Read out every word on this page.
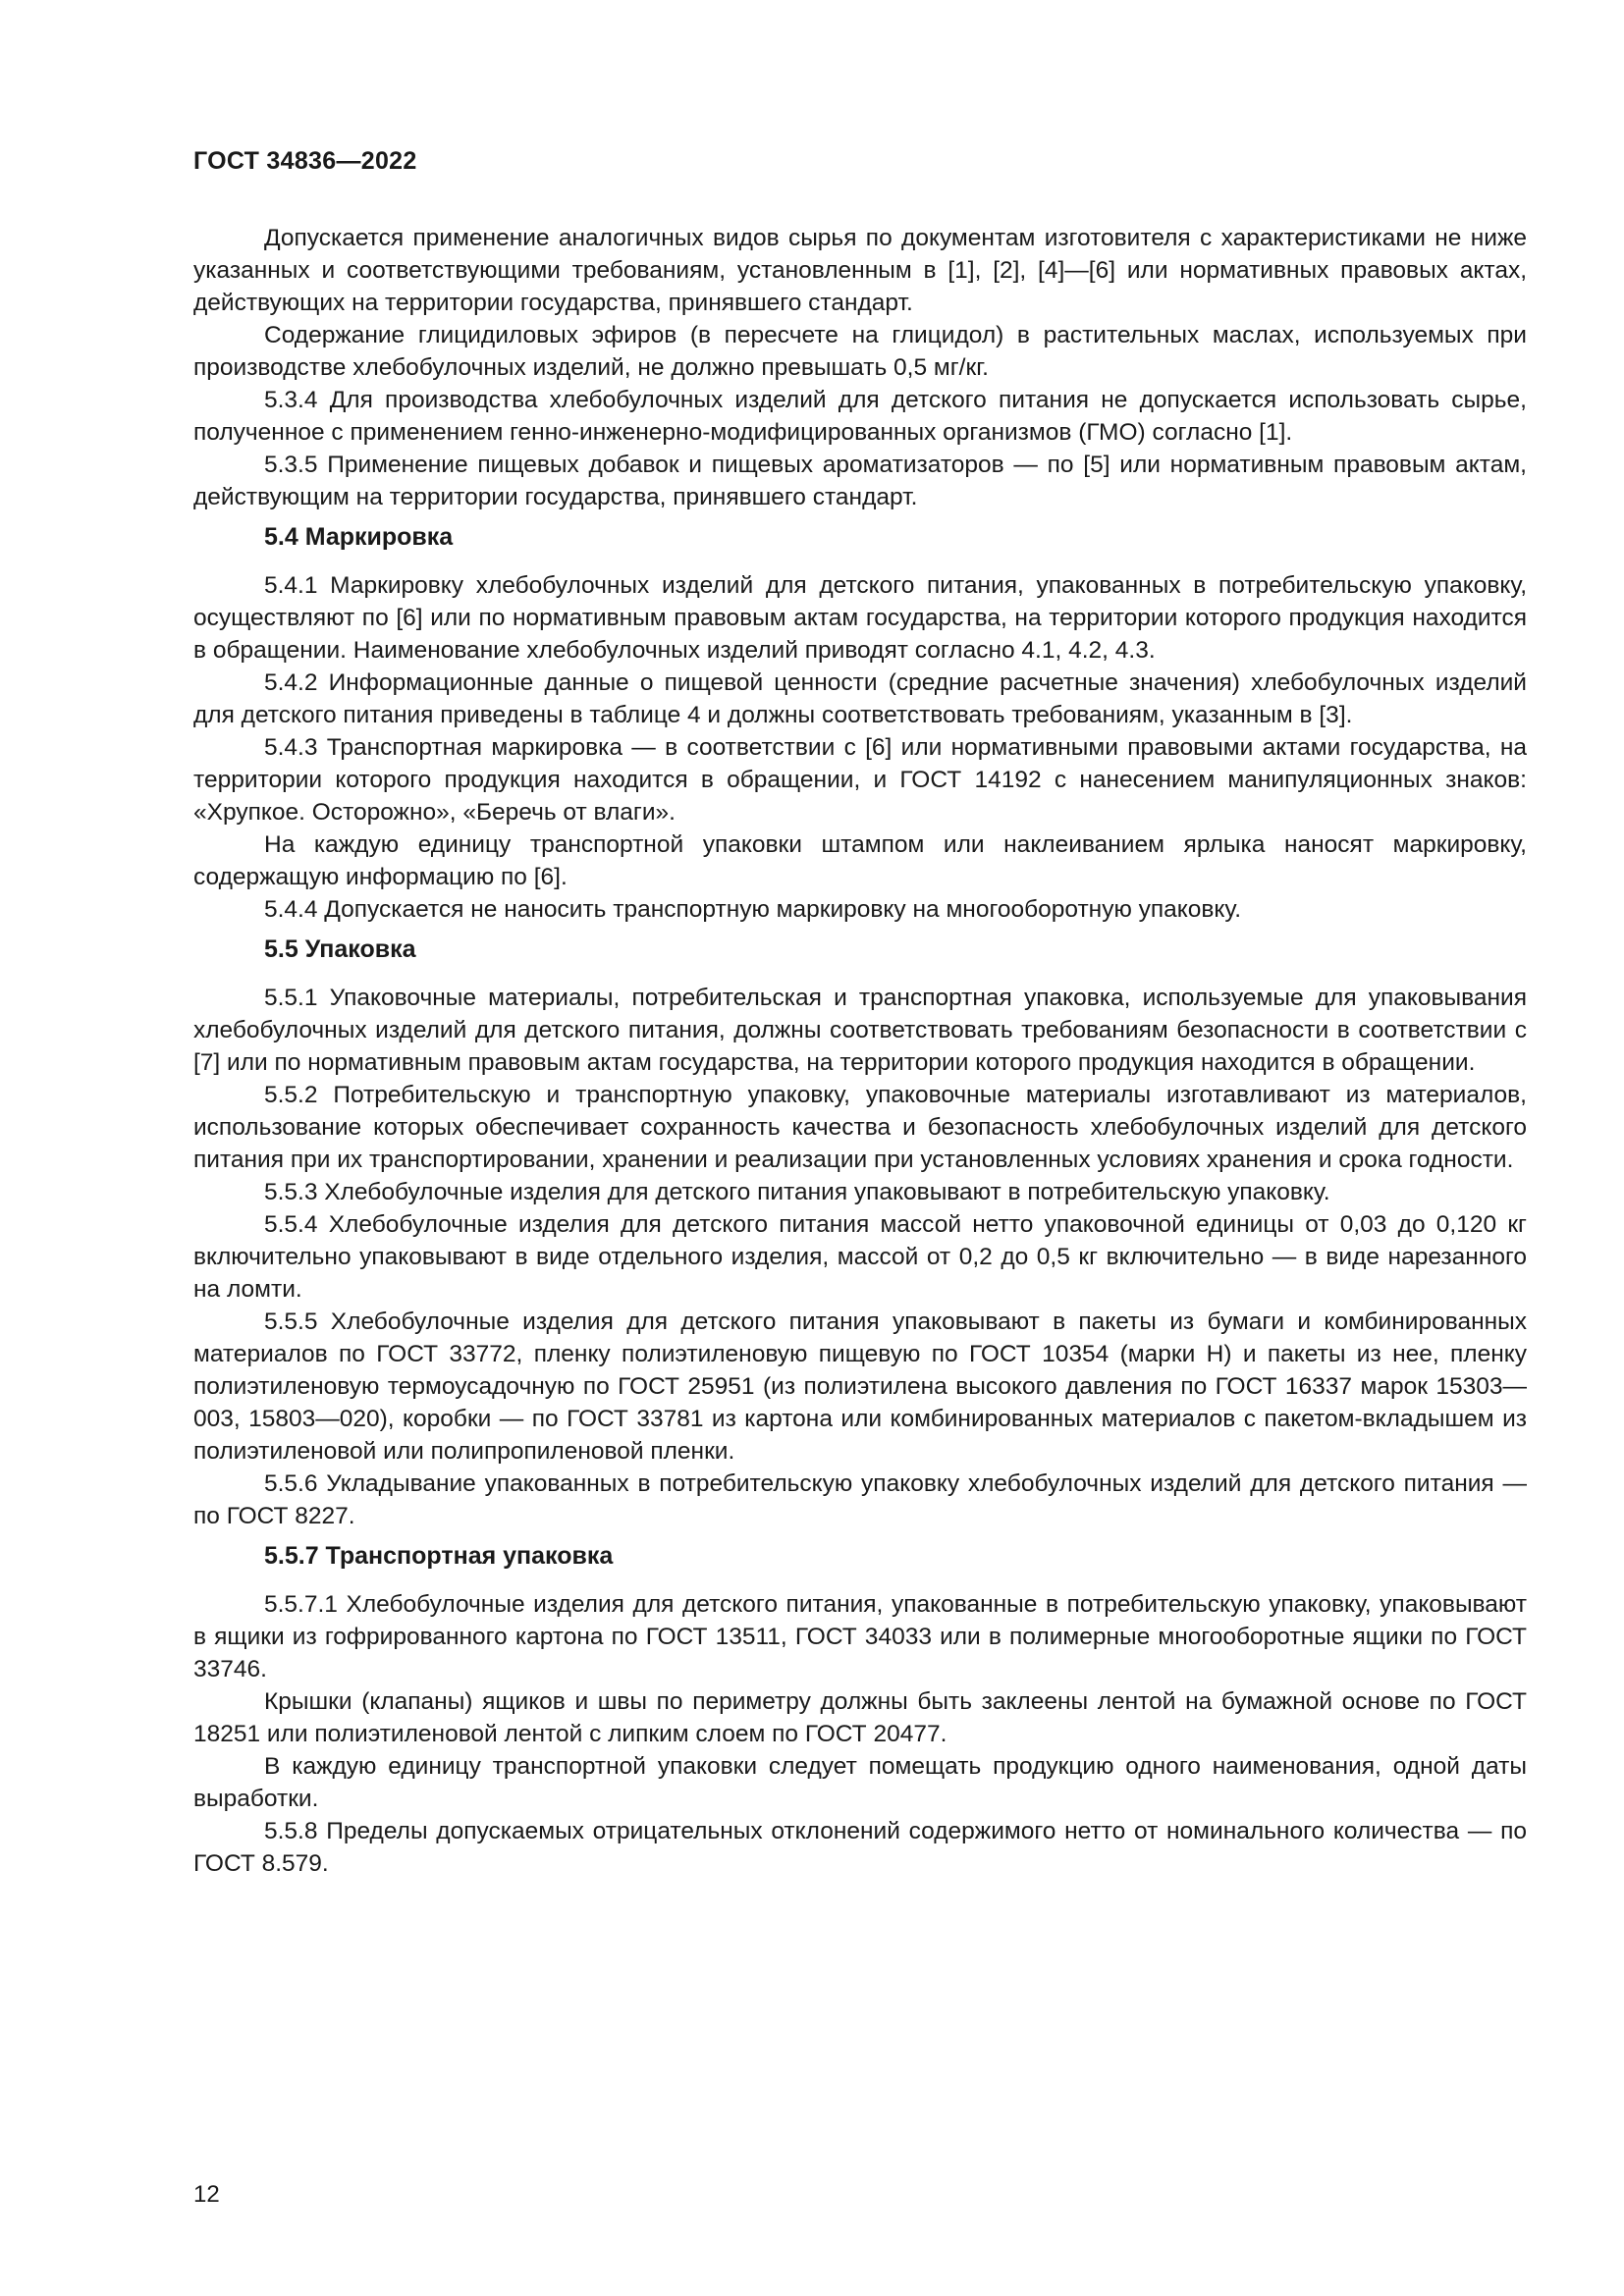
ГОСТ 34836—2022

Допускается применение аналогичных видов сырья по документам изготовителя с характеристиками не ниже указанных и соответствующими требованиям, установленным в [1], [2], [4]—[6] или нормативных правовых актах, действующих на территории государства, принявшего стандарт.

Содержание глицидиловых эфиров (в пересчете на глицидол) в растительных маслах, используемых при производстве хлебобулочных изделий, не должно превышать 0,5 мг/кг.

5.3.4 Для производства хлебобулочных изделий для детского питания не допускается использовать сырье, полученное с применением генно-инженерно-модифицированных организмов (ГМО) согласно [1].

5.3.5 Применение пищевых добавок и пищевых ароматизаторов — по [5] или нормативным правовым актам, действующим на территории государства, принявшего стандарт.

5.4 Маркировка

5.4.1 Маркировку хлебобулочных изделий для детского питания, упакованных в потребительскую упаковку, осуществляют по [6] или по нормативным правовым актам государства, на территории которого продукция находится в обращении. Наименование хлебобулочных изделий приводят согласно 4.1, 4.2, 4.3.

5.4.2 Информационные данные о пищевой ценности (средние расчетные значения) хлебобулочных изделий для детского питания приведены в таблице 4 и должны соответствовать требованиям, указанным в [3].

5.4.3 Транспортная маркировка — в соответствии с [6] или нормативными правовыми актами государства, на территории которого продукция находится в обращении, и ГОСТ 14192 с нанесением манипуляционных знаков: «Хрупкое. Осторожно», «Беречь от влаги».

На каждую единицу транспортной упаковки штампом или наклеиванием ярлыка наносят маркировку, содержащую информацию по [6].

5.4.4 Допускается не наносить транспортную маркировку на многооборотную упаковку.

5.5 Упаковка

5.5.1 Упаковочные материалы, потребительская и транспортная упаковка, используемые для упаковывания хлебобулочных изделий для детского питания, должны соответствовать требованиям безопасности в соответствии с [7] или по нормативным правовым актам государства, на территории которого продукция находится в обращении.

5.5.2 Потребительскую и транспортную упаковку, упаковочные материалы изготавливают из материалов, использование которых обеспечивает сохранность качества и безопасность хлебобулочных изделий для детского питания при их транспортировании, хранении и реализации при установленных условиях хранения и срока годности.

5.5.3 Хлебобулочные изделия для детского питания упаковывают в потребительскую упаковку.

5.5.4 Хлебобулочные изделия для детского питания массой нетто упаковочной единицы от 0,03 до 0,120 кг включительно упаковывают в виде отдельного изделия, массой от 0,2 до 0,5 кг включительно — в виде нарезанного на ломти.

5.5.5 Хлебобулочные изделия для детского питания упаковывают в пакеты из бумаги и комбинированных материалов по ГОСТ 33772, пленку полиэтиленовую пищевую по ГОСТ 10354 (марки Н) и пакеты из нее, пленку полиэтиленовую термоусадочную по ГОСТ 25951 (из полиэтилена высокого давления по ГОСТ 16337 марок 15303—003, 15803—020), коробки — по ГОСТ 33781 из картона или комбинированных материалов с пакетом-вкладышем из полиэтиленовой или полипропиленовой пленки.

5.5.6 Укладывание упакованных в потребительскую упаковку хлебобулочных изделий для детского питания — по ГОСТ 8227.

5.5.7 Транспортная упаковка

5.5.7.1 Хлебобулочные изделия для детского питания, упакованные в потребительскую упаковку, упаковывают в ящики из гофрированного картона по ГОСТ 13511, ГОСТ 34033 или в полимерные многооборотные ящики по ГОСТ 33746.

Крышки (клапаны) ящиков и швы по периметру должны быть заклеены лентой на бумажной основе по ГОСТ 18251 или полиэтиленовой лентой с липким слоем по ГОСТ 20477.

В каждую единицу транспортной упаковки следует помещать продукцию одного наименования, одной даты выработки.

5.5.8 Пределы допускаемых отрицательных отклонений содержимого нетто от номинального количества — по ГОСТ 8.579.

12
